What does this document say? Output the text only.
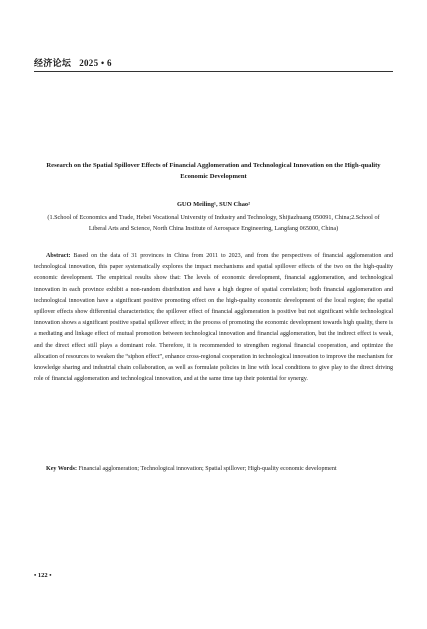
经济论坛 2025 • 6
Research on the Spatial Spillover Effects of Financial Agglomeration and Technological Innovation on the High-quality Economic Development
GUO Meiling¹, SUN Chao²
(1.School of Economics and Trade, Hebei Vocational University of Industry and Technology, Shijiazhuang 050091, China;2.School of Liberal Arts and Science, North China Institute of Aerospace Engineering, Langfang 065000, China)
Abstract: Based on the data of 31 provinces in China from 2011 to 2023, and from the perspectives of financial agglomeration and technological innovation, this paper systematically explores the impact mechanisms and spatial spillover effects of the two on the high-quality economic development. The empirical results show that: The levels of economic development, financial agglomeration, and technological innovation in each province exhibit a non-random distribution and have a high degree of spatial correlation; both financial agglomeration and technological innovation have a significant positive promoting effect on the high-quality economic development of the local region; the spatial spillover effects show differential characteristics; the spillover effect of financial agglomeration is positive but not significant while technological innovation shows a significant positive spatial spillover effect; in the process of promoting the economic development towards high quality, there is a mediating and linkage effect of mutual promotion between technological innovation and financial agglomeration, but the indirect effect is weak, and the direct effect still plays a dominant role. Therefore, it is recommended to strengthen regional financial cooperation, and optimize the allocation of resources to weaken the “siphon effect”, enhance cross-regional cooperation in technological innovation to improve the mechanism for knowledge sharing and industrial chain collaboration, as well as formulate policies in line with local conditions to give play to the direct driving role of financial agglomeration and technological innovation, and at the same time tap their potential for synergy.
Key Words: Financial agglomeration; Technological innovation; Spatial spillover; High-quality economic development
• 122 •
